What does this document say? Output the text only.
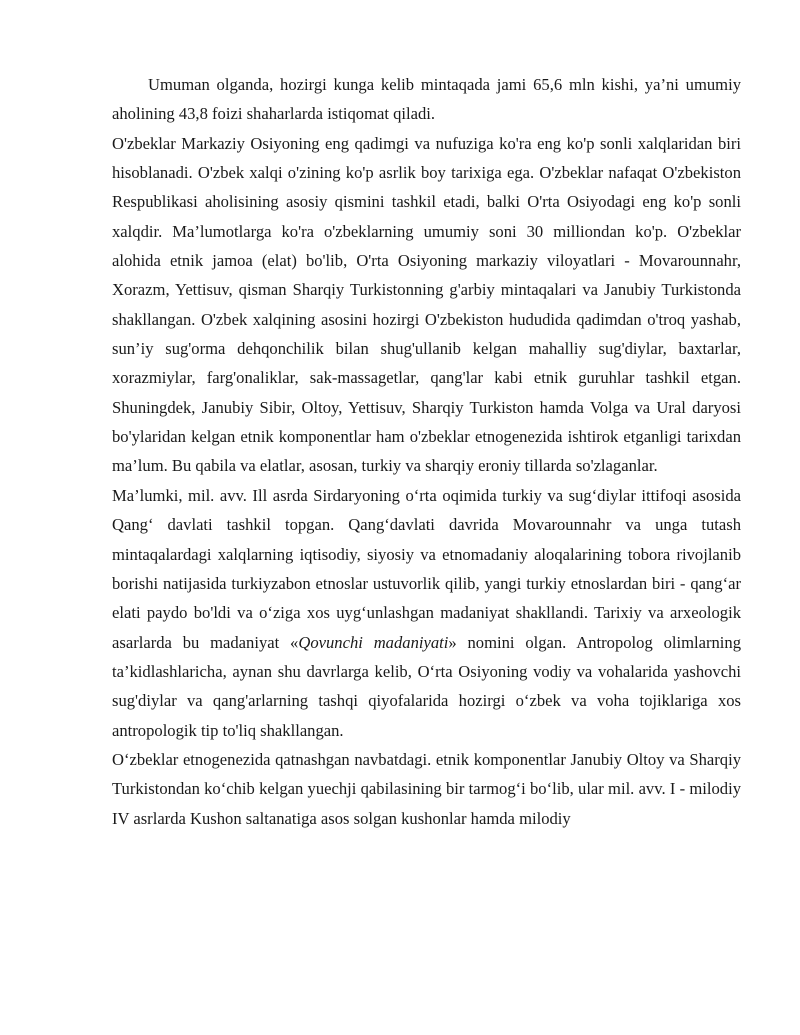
Umuman olganda, hozirgi kunga kelib mintaqada jami 65,6 mln kishi, ya’ni umumiy aholining 43,8 foizi shaharlarda istiqomat qiladi.

O'zbeklar Markaziy Osiyoning eng qadimgi va nufuziga ko'ra eng ko'p sonli xalqlaridan biri hisoblanadi. O'zbek xalqi o'zining ko'p asrlik boy tarixiga ega. O'zbeklar nafaqat O'zbekiston Respublikasi aholisining asosiy qismini tashkil etadi, balki O'rta Osiyodagi eng ko'p sonli xalqdir. Ma’lumotlarga ko'ra o'zbeklarning umumiy soni 30 milliondan ko'p. O'zbeklar alohida etnik jamoa (elat) bo'lib, O'rta Osiyoning markaziy viloyatlari - Movarounnahr, Xorazm, Yettisuv, qisman Sharqiy Turkistonning g'arbiy mintaqalari va Janubiy Turkistonda shakllangan. O'zbek xalqining asosini hozirgi O'zbekiston hududida qadimdan o'troq yashab, sun’iy sug'orma dehqonchilik bilan shug'ullanib kelgan mahalliy sug'diylar, baxtarlar, xorazmiylar, farg'onaliklar, sak-massagetlar, qang'lar kabi etnik guruhlar tashkil etgan. Shuningdek, Janubiy Sibir, Oltoy, Yettisuv, Sharqiy Turkiston hamda Volga va Ural daryosi bo'ylaridan kelgan etnik komponentlar ham o'zbeklar etnogenezida ishtirok etganligi tarixdan ma’lum. Bu qabila va elatlar, asosan, turkiy va sharqiy eroniy tillarda so'zlaganlar.

Ma’lumki, mil. avv. Ill asrda Sirdaryoning o‘rta oqimida turkiy va sug‘diylar ittifoqi asosida Qang‘ davlati tashkil topgan. Qang‘davlati davrida Movarounnahr va unga tutash mintaqalardagi xalqlarning iqtisodiy, siyosiy va etnomadaniy aloqalarining tobora rivojlanib borishi natijasida turkiyzabon etnoslar ustuvorlik qilib, yangi turkiy etnoslardan biri - qang‘ar elati paydo bo'ldi va o‘ziga xos uyg‘unlashgan madaniyat shakllandi. Tarixiy va arxeologik asarlarda bu madaniyat «Qovunchi madaniyati» nomini olgan. Antropolog olimlarning ta’kidlashlaricha, aynan shu davrlarga kelib, O‘rta Osiyoning vodiy va vohalarida yashovchi sug'diylar va qang'arlarning tashqi qiyofalarida hozirgi o‘zbek va voha tojiklariga xos antropologik tip to'liq shakllangan.

O‘zbeklar etnogenezida qatnashgan navbatdagi. etnik komponentlar Janubiy Oltoy va Sharqiy Turkistondan ko‘chib kelgan yuechji qabilasining bir tarmog‘i bo‘lib, ular mil. avv. I - milodiy IV asrlarda Kushon saltanatiga asos solgan kushonlar hamda milodiy
